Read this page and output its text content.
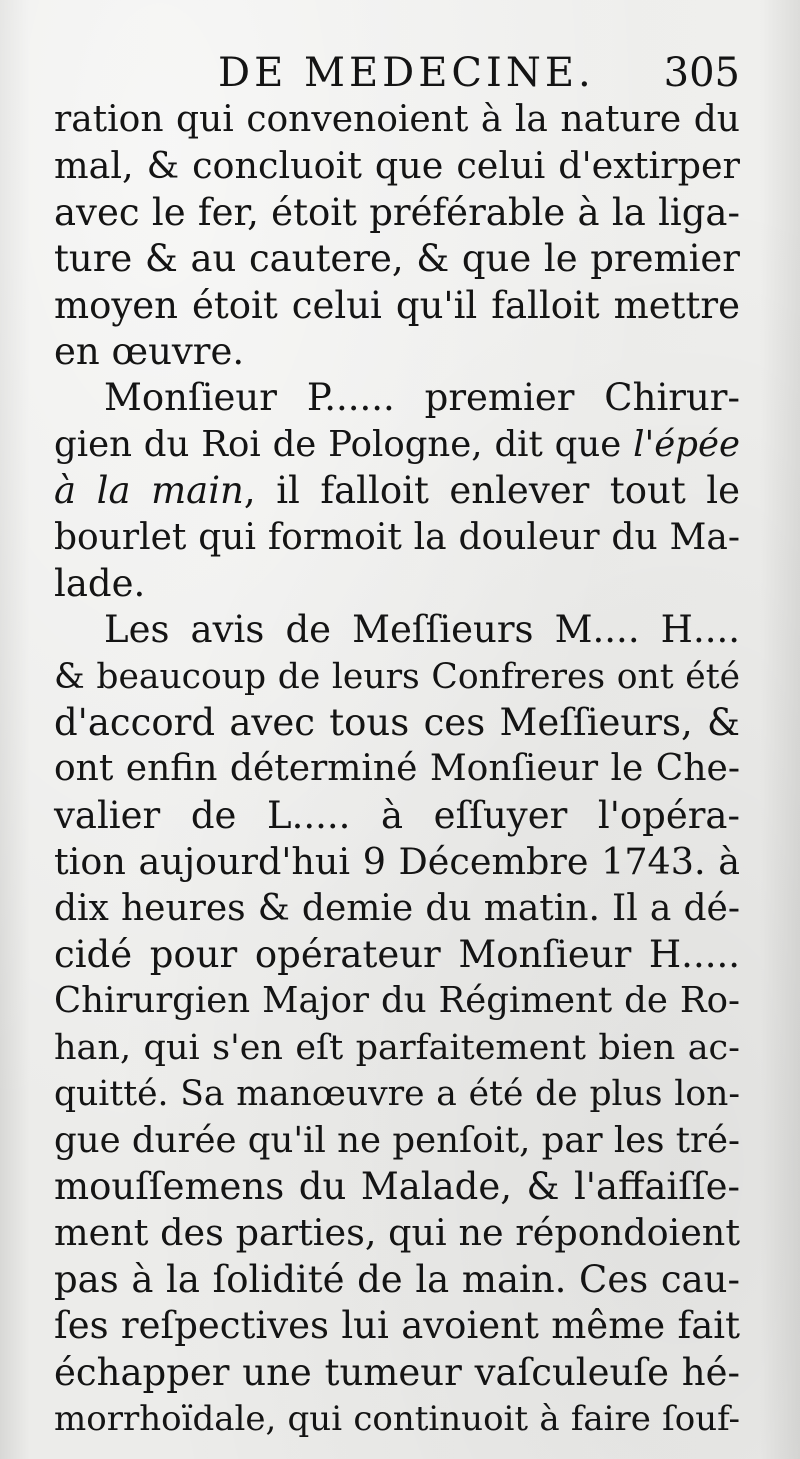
DE MEDECINE. 305
ration qui convenoient à la nature du
mal, & concluoit que celui d'extirper
avec le fer, étoit préférable à la liga-
ture & au cautere, & que le premier
moyen étoit celui qu'il falloit mettre
en œuvre.
Monſieur P...... premier Chirur-
gien du Roi de Pologne, dit que l'épée
à la main, il falloit enlever tout le
bourlet qui formoit la douleur du Ma-
lade.
Les avis de Meſſieurs M.... H....
& beaucoup de leurs Confreres ont été
d'accord avec tous ces Meſſieurs, &
ont enfin déterminé Monſieur le Che-
valier de L..... à eſſuyer l'opéra-
tion aujourd'hui 9 Décembre 1743. à
dix heures & demie du matin. Il a dé-
cidé pour opérateur Monſieur H.....
Chirurgien Major du Régiment de Ro-
han, qui s'en eſt parfaitement bien ac-
quitté. Sa manœuvre a été de plus lon-
gue durée qu'il ne penſoit, par les tré-
mouſſemens du Malade, & l'affaiſſe-
ment des parties, qui ne répondoient
pas à la ſolidité de la main. Ces cau-
ſes reſpectives lui avoient même fait
échapper une tumeur vaſculeuſe hé-
morrhoïdale, qui continuoit à faire ſouf-
